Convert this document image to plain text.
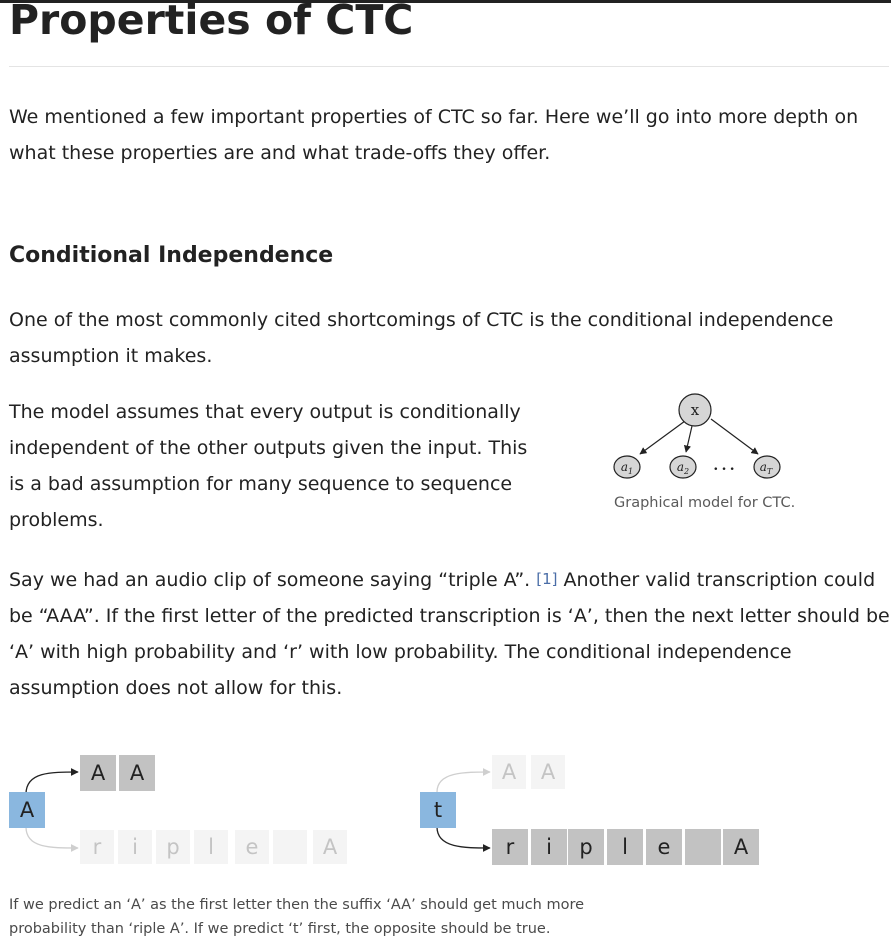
Properties of CTC

We mentioned a few important properties of CTC so far. Here we’ll go into more depth on what these properties are and what trade-offs they offer.

Conditional Independence

One of the most commonly cited shortcomings of CTC is the conditional independence assumption it makes.

The model assumes that every output is conditionally independent of the other outputs given the input. This is a bad assumption for many sequence to sequence problems.

Say we had an audio clip of someone saying “triple A”. [1] Another valid transcription could be “AAA”. If the first letter of the predicted transcription is ‘A’, then the next letter should be ‘A’ with high probability and ‘r’ with low probability. The conditional independence assumption does not allow for this.

x
$a_1$	$a_2$	• • • $a_T$
Graphical model for CTC.
A
A	A
r	i	p	l	e	A
t
A	A
r	i	p	l	e	A

If we predict an ‘A’ as the first letter then the suffix ‘AA’ should get much more probability than ‘riple A’. If we predict ‘t’ first, the opposite should be true.
